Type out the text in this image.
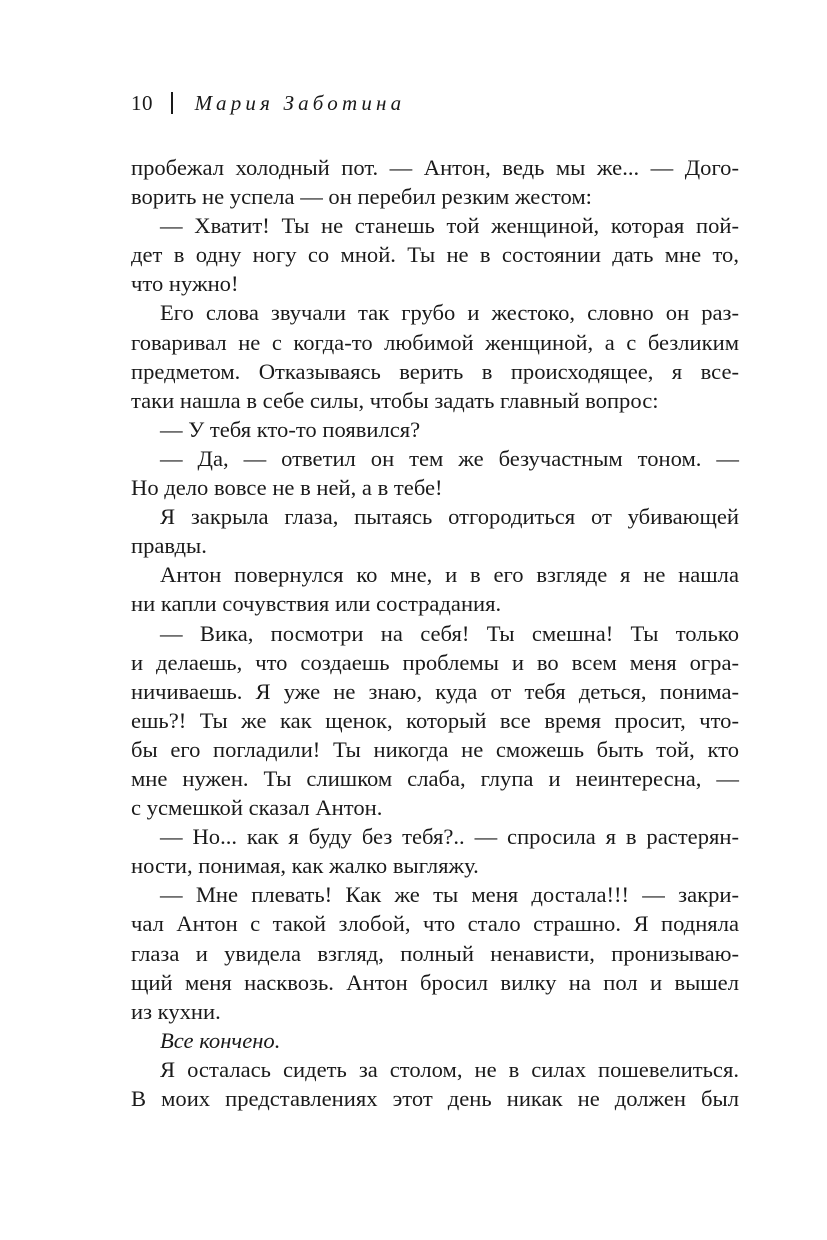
10 Мария Заботина

пробежал холодный пот. — Антон, ведь мы же... — Дого-
ворить не успела — он перебил резким жестом:

— Хватит! Ты не станешь той женщиной, которая пой-
дет в одну ногу со мной. Ты не в состоянии дать мне то,
что нужно!

Его слова звучали так грубо и жестоко, словно он раз-
говаривал не с когда-то любимой женщиной, а с безликим
предметом. Отказываясь верить в происходящее, я все-
таки нашла в себе силы, чтобы задать главный вопрос:

— У тебя кто-то появился?

— Да, — ответил он тем же безучастным тоном. —
Но дело вовсе не в ней, а в тебе!

Я закрыла глаза, пытаясь отгородиться от убивающей
правды.

Антон повернулся ко мне, и в его взгляде я не нашла
ни капли сочувствия или сострадания.

— Вика, посмотри на себя! Ты смешна! Ты только
и делаешь, что создаешь проблемы и во всем меня огра-
ничиваешь. Я уже не знаю, куда от тебя деться, понима-
ешь?! Ты же как щенок, который все время просит, что-
бы его погладили! Ты никогда не сможешь быть той, кто
мне нужен. Ты слишком слаба, глупа и неинтересна, —
с усмешкой сказал Антон.

— Но... как я буду без тебя?.. — спросила я в растерян-
ности, понимая, как жалко выгляжу.

— Мне плевать! Как же ты меня достала!!! — закри-
чал Антон с такой злобой, что стало страшно. Я подняла
глаза и увидела взгляд, полный ненависти, пронизываю-
щий меня насквозь. Антон бросил вилку на пол и вышел
из кухни.

Все кончено.

Я осталась сидеть за столом, не в силах пошевелиться.
В моих представлениях этот день никак не должен был
